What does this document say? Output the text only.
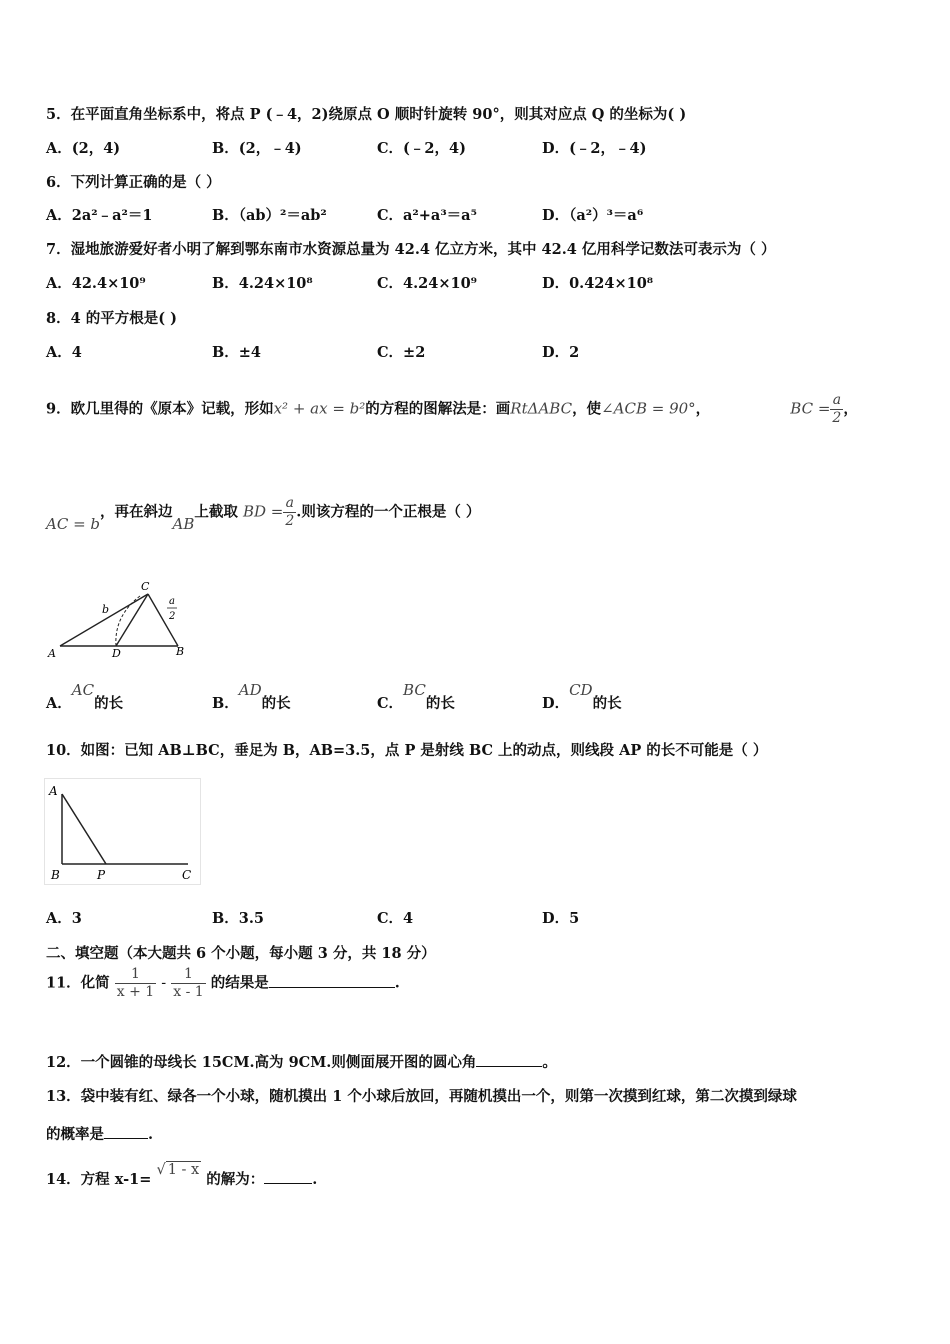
5．在平面直角坐标系中，将点 P (﹣4，2)绕原点 O 顺时针旋转 90°，则其对应点 Q 的坐标为( )
A．(2，4)	B．(2，﹣4)	C．(﹣2，4)	D．(﹣2，﹣4)
6．下列计算正确的是（ ）
A．2a²﹣a²＝1	B．（ab）²＝ab²	C．a²+a³＝a⁵	D．（a²）³＝a⁶
7．湿地旅游爱好者小明了解到鄂东南市水资源总量为 42.4 亿立方米，其中 42.4 亿用科学记数法可表示为（ ）
A．42.4×10⁹	B．4.24×10⁸	C．4.24×10⁹	D．0.424×10⁸
8．4 的平方根是( )
A．4	B．±4	C．±2	D．2
9．欧几里得的《原本》记载，形如x² + ax = b²的方程的图解法是：画RtΔABC，使∠ACB = 90°，	BC = $\frac{a}{2}$ ，
AC = b，再在斜边AB上截取 BD = $\frac{a}{2}$ .则该方程的一个正根是（ ）
A	D	B
C
b
a
2
A．AC的长	B．AD的长	C．BC的长	D．CD的长
10．如图：已知 AB⊥BC，垂足为 B，AB=3.5，点 P 是射线 BC 上的动点，则线段 AP 的长不可能是（ ）
A
B	P	C
A．3	B．3.5	C．4	D．5
二、填空题（本大题共 6 个小题，每小题 3 分，共 18 分）
11．化简 $\frac{1}{x + 1} - \frac{1}{x - 1}$ 的结果是	.
12．一个圆锥的母线长 15CM.高为 9CM.则侧面展开图的圆心角	。
13．袋中装有红、绿各一个小球，随机摸出 1 个小球后放回，再随机摸出一个，则第一次摸到红球，第二次摸到绿球
的概率是	.
14．方程 x-1= √ 1 - x 的解为：	.
